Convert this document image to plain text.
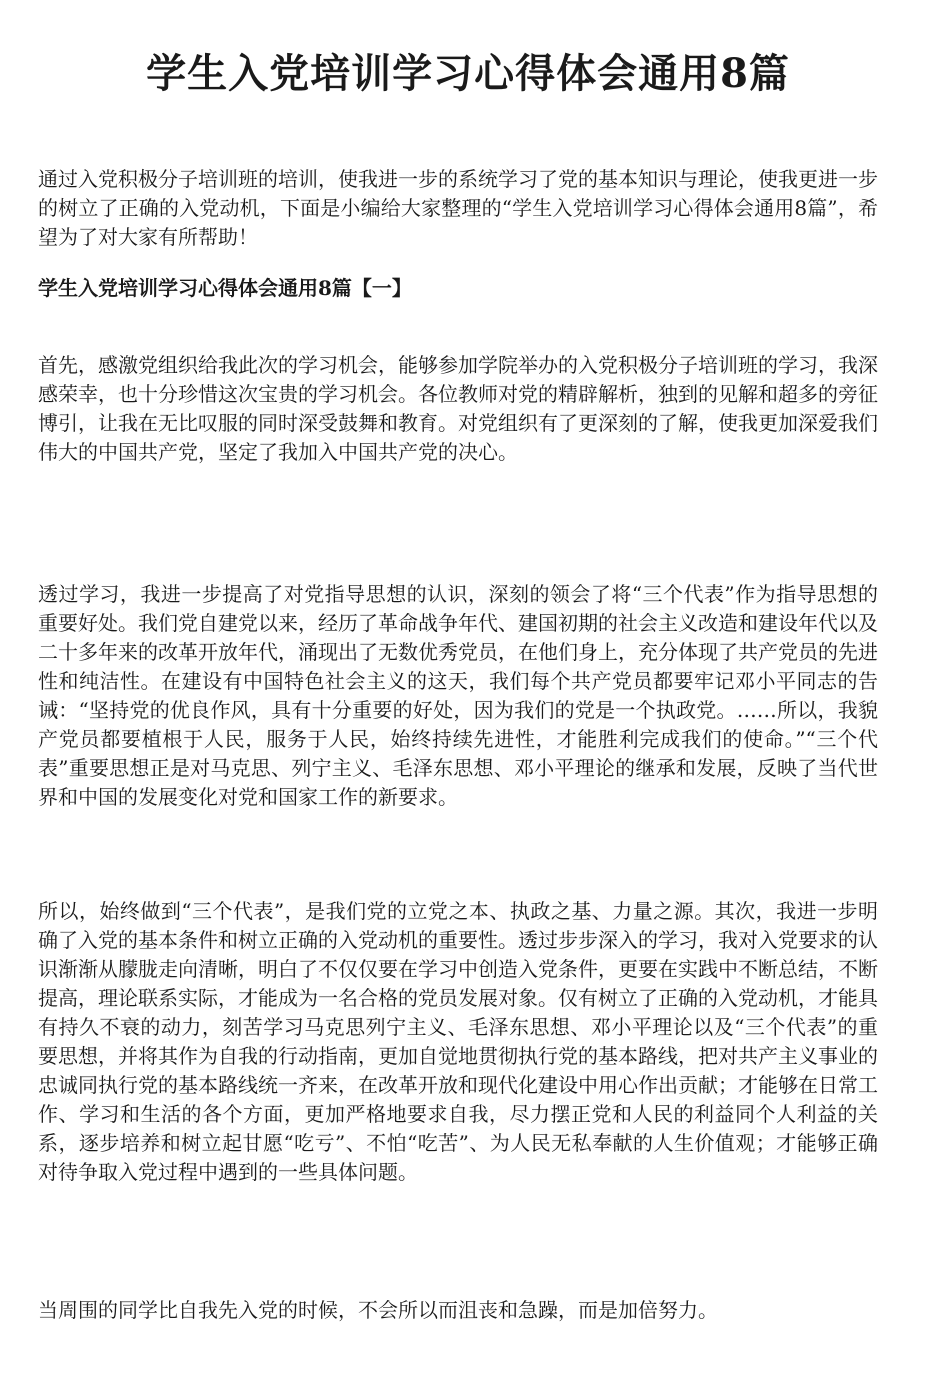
学生入党培训学习心得体会通用8篇

通过入党积极分子培训班的培训，使我进一步的系统学习了党的基本知识与理论，使我更进一步的树立了正确的入党动机，下面是小编给大家整理的“学生入党培训学习心得体会通用8篇”，希望为了对大家有所帮助！

学生入党培训学习心得体会通用8篇【一】

首先，感激党组织给我此次的学习机会，能够参加学院举办的入党积极分子培训班的学习，我深感荣幸，也十分珍惜这次宝贵的学习机会。各位教师对党的精辟解析，独到的见解和超多的旁征博引，让我在无比叹服的同时深受鼓舞和教育。对党组织有了更深刻的了解，使我更加深爱我们伟大的中国共产党，坚定了我加入中国共产党的决心。

透过学习，我进一步提高了对党指导思想的认识，深刻的领会了将“三个代表”作为指导思想的重要好处。我们党自建党以来，经历了革命战争年代、建国初期的社会主义改造和建设年代以及二十多年来的改革开放年代，涌现出了无数优秀党员，在他们身上，充分体现了共产党员的先进性和纯洁性。在建设有中国特色社会主义的这天，我们每个共产党员都要牢记邓小平同志的告诫：“坚持党的优良作风，具有十分重要的好处，因为我们的党是一个执政党。……所以，我貌产党员都要植根于人民，服务于人民，始终持续先进性，才能胜利完成我们的使命。”“三个代表”重要思想正是对马克思、列宁主义、毛泽东思想、邓小平理论的继承和发展，反映了当代世界和中国的发展变化对党和国家工作的新要求。

所以，始终做到“三个代表”，是我们党的立党之本、执政之基、力量之源。其次，我进一步明确了入党的基本条件和树立正确的入党动机的重要性。透过步步深入的学习，我对入党要求的认识渐渐从朦胧走向清晰，明白了不仅仅要在学习中创造入党条件，更要在实践中不断总结，不断提高，理论联系实际，才能成为一名合格的党员发展对象。仅有树立了正确的入党动机，才能具有持久不衰的动力，刻苦学习马克思列宁主义、毛泽东思想、邓小平理论以及“三个代表”的重要思想，并将其作为自我的行动指南，更加自觉地贯彻执行党的基本路线，把对共产主义事业的忠诚同执行党的基本路线统一齐来，在改革开放和现代化建设中用心作出贡献；才能够在日常工作、学习和生活的各个方面，更加严格地要求自我，尽力摆正党和人民的利益同个人利益的关系，逐步培养和树立起甘愿“吃亏”、不怕“吃苦”、为人民无私奉献的人生价值观；才能够正确对待争取入党过程中遇到的一些具体问题。

当周围的同学比自我先入党的时候，不会所以而沮丧和急躁，而是加倍努力。
